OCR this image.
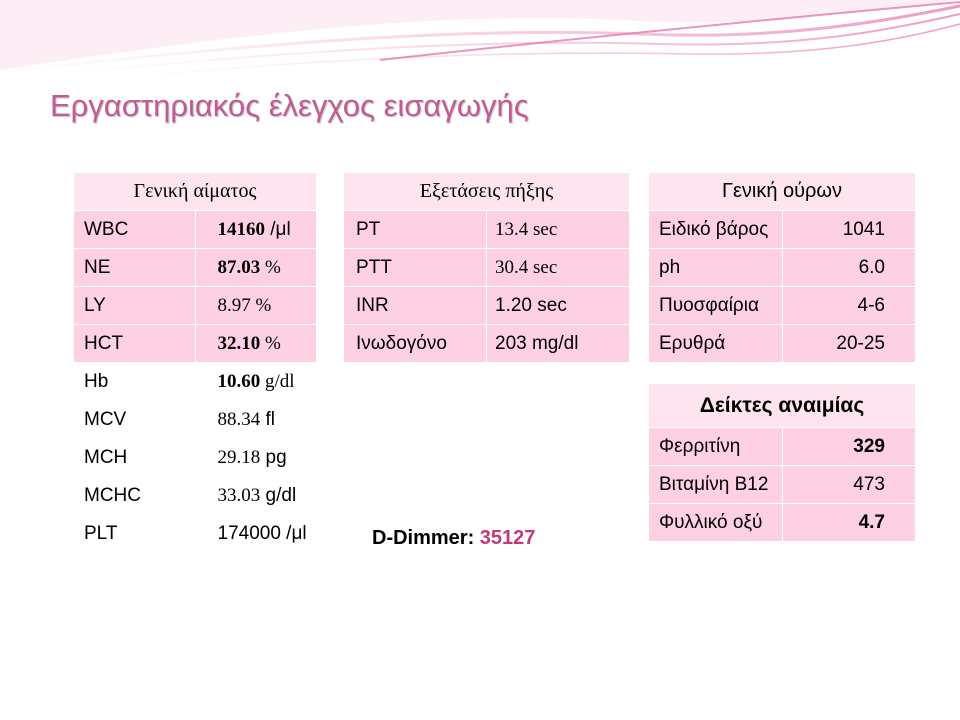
Εργαστηριακός έλεγχος εισαγωγής
Γενική αίματος	
WBC	14160 /μl
NE	87.03 %
LY	8.97 %
HCT	32.10 %
Hb	10.60 g/dl
MCV	88.34 fl
MCH	29.18 pg
MCHC	33.03 g/dl
PLT	174000 /μl
Εξετάσεις πήξης	
PT	13.4 sec
PTT	30.4 sec
INR	1.20 sec
Ινωδογόνο	203 mg/dl
D-Dimmer: 35127
Γενική ούρων	
Ειδικό βάρος	1041
ph	6.0
Πυοσφαίρια	4-6
Ερυθρά	20-25
Δείκτες αναιμίας	
Φερριτίνη	329
Βιταμίνη Β12	473
Φυλλικό οξύ	4.7
